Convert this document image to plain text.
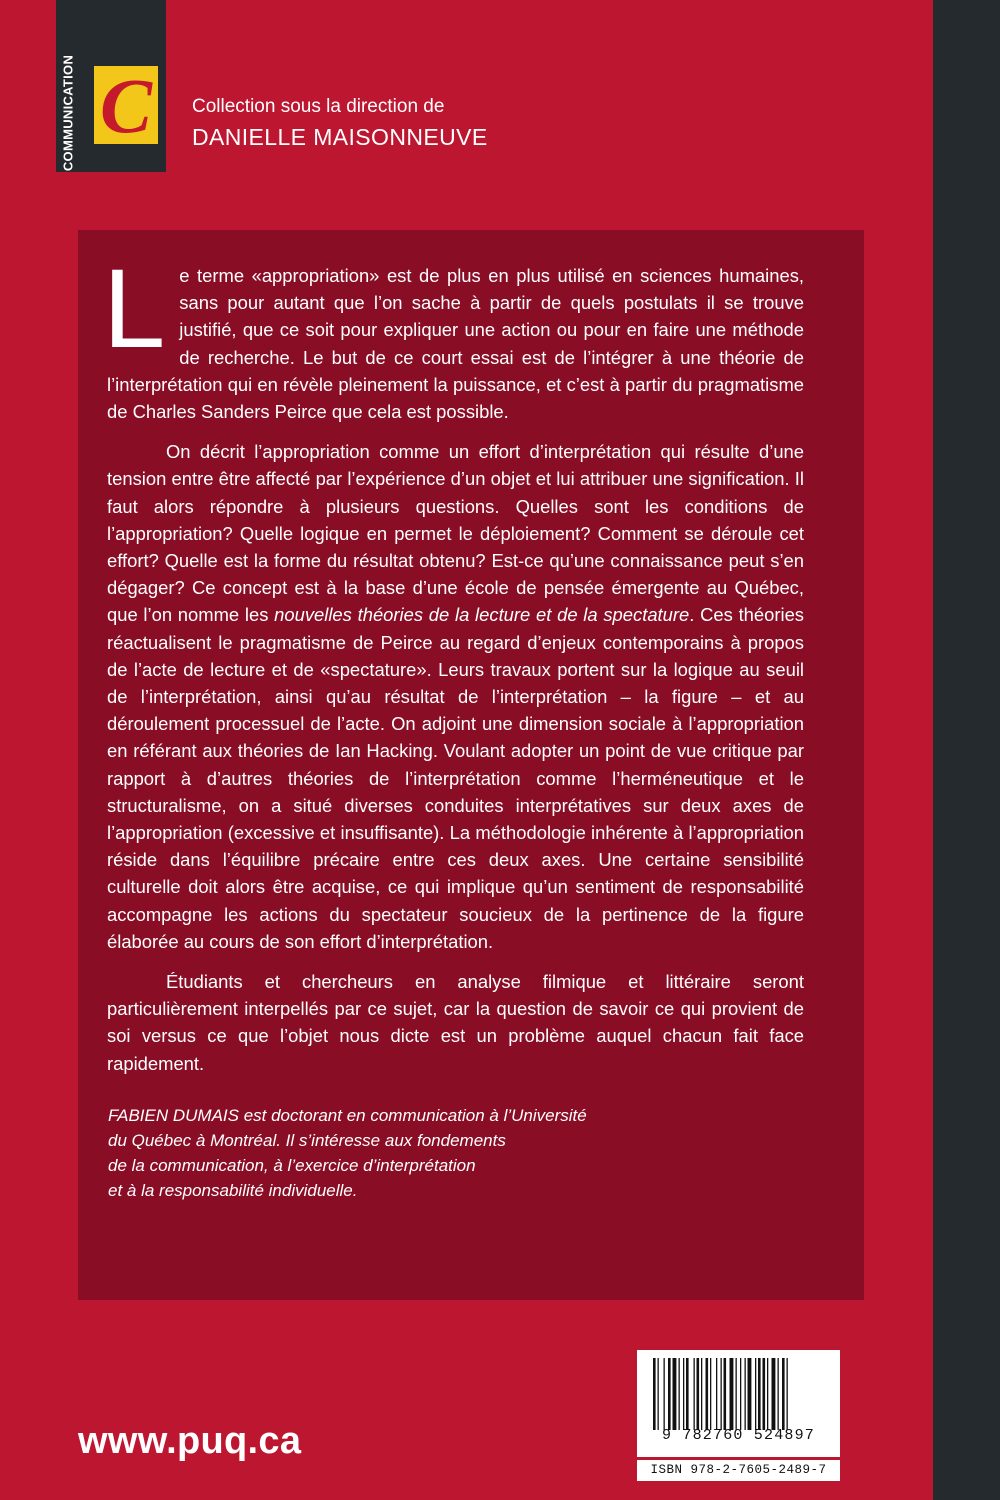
COMMUNICATION C Collection sous la direction de
DANIELLE MAISONNEUVE

Le terme «appropriation» est de plus en plus utilisé en sciences humaines, sans pour autant que l’on sache à partir de quels postulats il se trouve justifié, que ce soit pour expliquer une action ou pour en faire une méthode de recherche. Le but de ce court essai est de l’intégrer à une théorie de l’interprétation qui en révèle pleinement la puissance, et c’est à partir du pragmatisme de Charles Sanders Peirce que cela est possible.

On décrit l’appropriation comme un effort d’interprétation qui résulte d’une tension entre être affecté par l’expérience d’un objet et lui attribuer une signification. Il faut alors répondre à plusieurs questions. Quelles sont les conditions de l’appropriation? Quelle logique en permet le déploiement? Comment se déroule cet effort? Quelle est la forme du résultat obtenu? Est-ce qu’une connaissance peut s’en dégager? Ce concept est à la base d’une école de pensée émergente au Québec, que l’on nomme les nouvelles théories de la lecture et de la spectature. Ces théories réactualisent le pragmatisme de Peirce au regard d’enjeux contemporains à propos de l’acte de lecture et de «spectature». Leurs travaux portent sur la logique au seuil de l’interprétation, ainsi qu’au résultat de l’interprétation – la figure – et au déroulement processuel de l’acte. On adjoint une dimension sociale à l’appropriation en référant aux théories de Ian Hacking. Voulant adopter un point de vue critique par rapport à d’autres théories de l’interprétation comme l’herméneutique et le structuralisme, on a situé diverses conduites interprétatives sur deux axes de l’appropriation (excessive et insuffisante). La méthodologie inhérente à l’appropriation réside dans l’équilibre précaire entre ces deux axes. Une certaine sensibilité culturelle doit alors être acquise, ce qui implique qu’un sentiment de responsabilité accompagne les actions du spectateur soucieux de la pertinence de la figure élaborée au cours de son effort d’interprétation.

Étudiants et chercheurs en analyse filmique et littéraire seront particulièrement interpellés par ce sujet, car la question de savoir ce qui provient de soi versus ce que l’objet nous dicte est un problème auquel chacun fait face rapidement.

FABIEN DUMAIS est doctorant en communication à l’Université
du Québec à Montréal. Il s’intéresse aux fondements
de la communication, à l’exercice d’interprétation
et à la responsabilité individuelle.
www.puq.ca	9 782760 524897
ISBN 978-2-7605-2489-7
